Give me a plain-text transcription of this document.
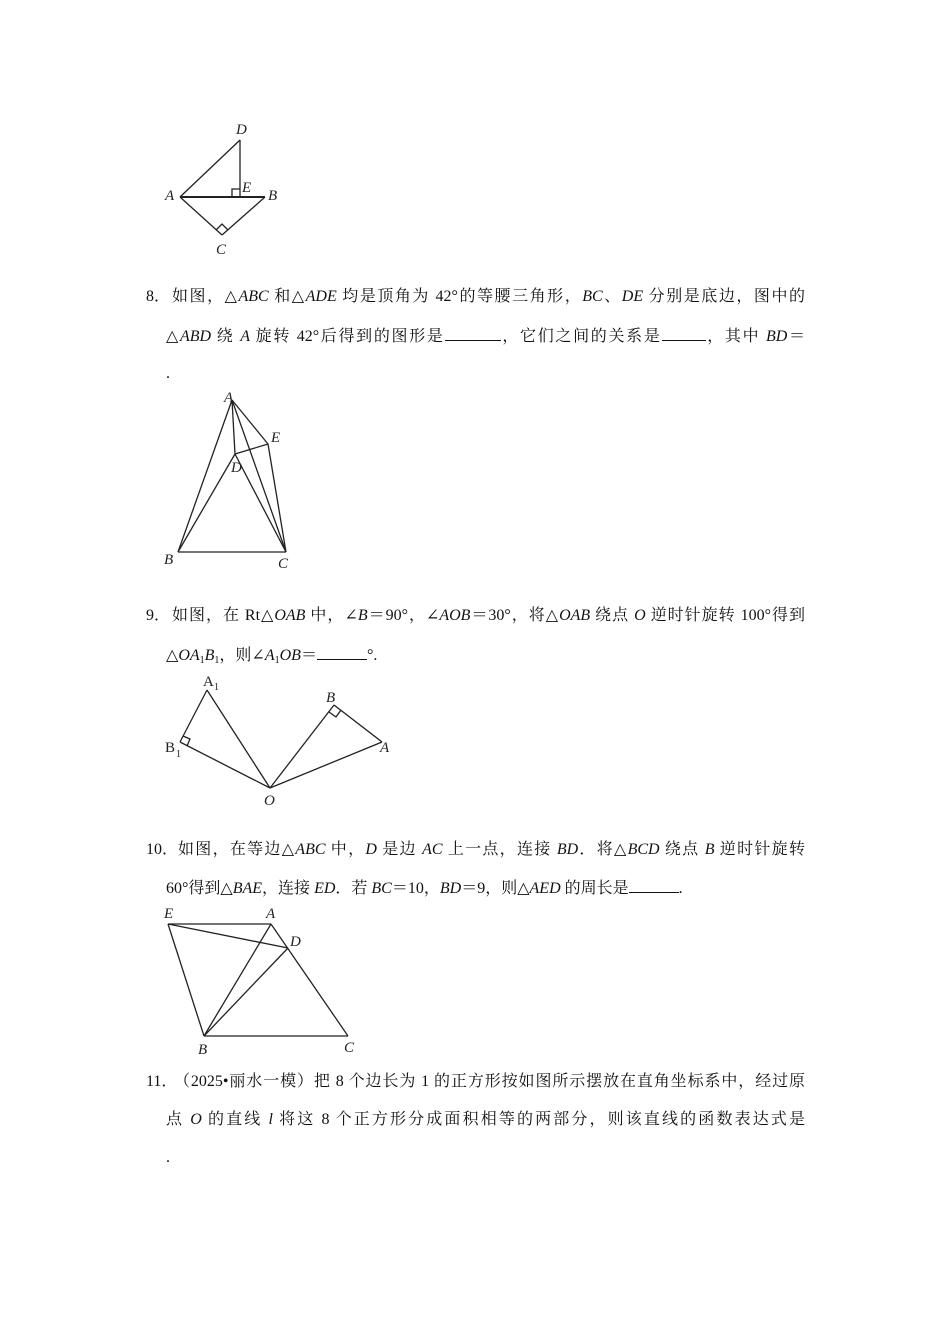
D
A	E B
C
8． 如图，△ABC 和△ADE 均是顶角为 42°的等腰三角形，BC、DE 分别是底边，图中的
△ABD 绕 A 旋转 42°后得到的图形是	，它们之间的关系是	，其中 BD＝
.
A
E
D
B	C
9． 如图，在 Rt△OAB 中，∠B＝90°，∠AOB＝30°，将△OAB 绕点 O 逆时针旋转 100°得到
$\triangle OA_1B_1$，则$\angle A_1OB=$	°.
A 1
B 1
O
B
A
10． 如图，在等边△ABC 中，D 是边 AC 上一点，连接 BD．将△BCD 绕点 B 逆时针旋转
60°得到△BAE，连接 ED．若 BC＝10，BD＝9，则△AED 的周长是	.
E	A
D
B	C
11．
（2025•丽水一模）把 8 个边长为 1 的正方形按如图所示摆放在直角坐标系中，经过原
点 O 的直线 l 将这 8 个正方形分成面积相等的两部分，则该直线的函数表达式是
.
